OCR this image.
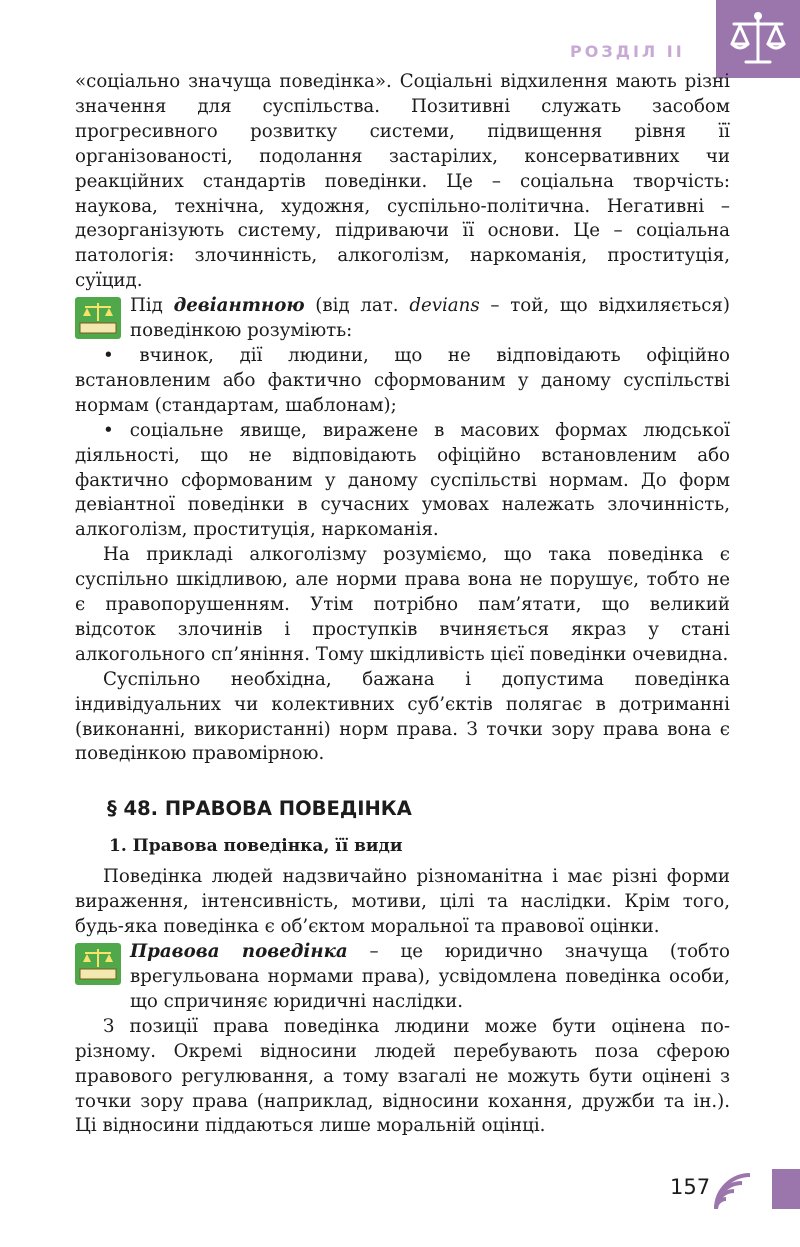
РОЗДІЛ II

«соціально значуща поведінка». Соціальні відхилення мають різні значення для суспільства. Позитивні служать засобом прогресивного розвитку системи, підвищення рівня її організованості, подолання застарілих, консервативних чи реакційних стандартів поведінки. Це – соціальна творчість: наукова, технічна, художня, суспільно-політична. Негативні – дезорганізують систему, підриваючи її основи. Це – соціальна патологія: злочинність, алкоголізм, наркоманія, проституція, суїцид.

Під девіантною (від лат. devians – той, що відхиляється) поведінкою розуміють:

• вчинок, дії людини, що не відповідають офіційно встановленим або фактично сформованим у даному суспільстві нормам (стандартам, шаблонам);

• соціальне явище, виражене в масових формах людської діяльності, що не відповідають офіційно встановленим або фактично сформованим у даному суспільстві нормам. До форм девіантної поведінки в сучасних умовах належать злочинність, алкоголізм, проституція, наркоманія.

На прикладі алкоголізму розуміємо, що така поведінка є суспільно шкідливою, але норми права вона не порушує, тобто не є правопорушенням. Утім потрібно пам’ятати, що великий відсоток злочинів і проступків вчиняється якраз у стані алкогольного сп’яніння. Тому шкідливість цієї поведінки очевидна.

Суспільно необхідна, бажана і допустима поведінка індивідуальних чи колективних суб’єктів полягає в дотриманні (виконанні, використанні) норм права. З точки зору права вона є поведінкою правомірною.

§ 48. ПРАВОВА ПОВЕДІНКА
1. Правова поведінка, її види

Поведінка людей надзвичайно різноманітна і має різні форми вираження, інтенсивність, мотиви, цілі та наслідки. Крім того, будь-яка поведінка є об’єктом моральної та правової оцінки.

Правова поведінка – це юридично значуща (тобто врегульована нормами права), усвідомлена поведінка особи, що спричиняє юридичні наслідки.

З позиції права поведінка людини може бути оцінена по-різному. Окремі відносини людей перебувають поза сферою правового регулювання, а тому взагалі не можуть бути оцінені з точки зору права (наприклад, відносини кохання, дружби та ін.). Ці відносини піддаються лише моральній оцінці.

157
